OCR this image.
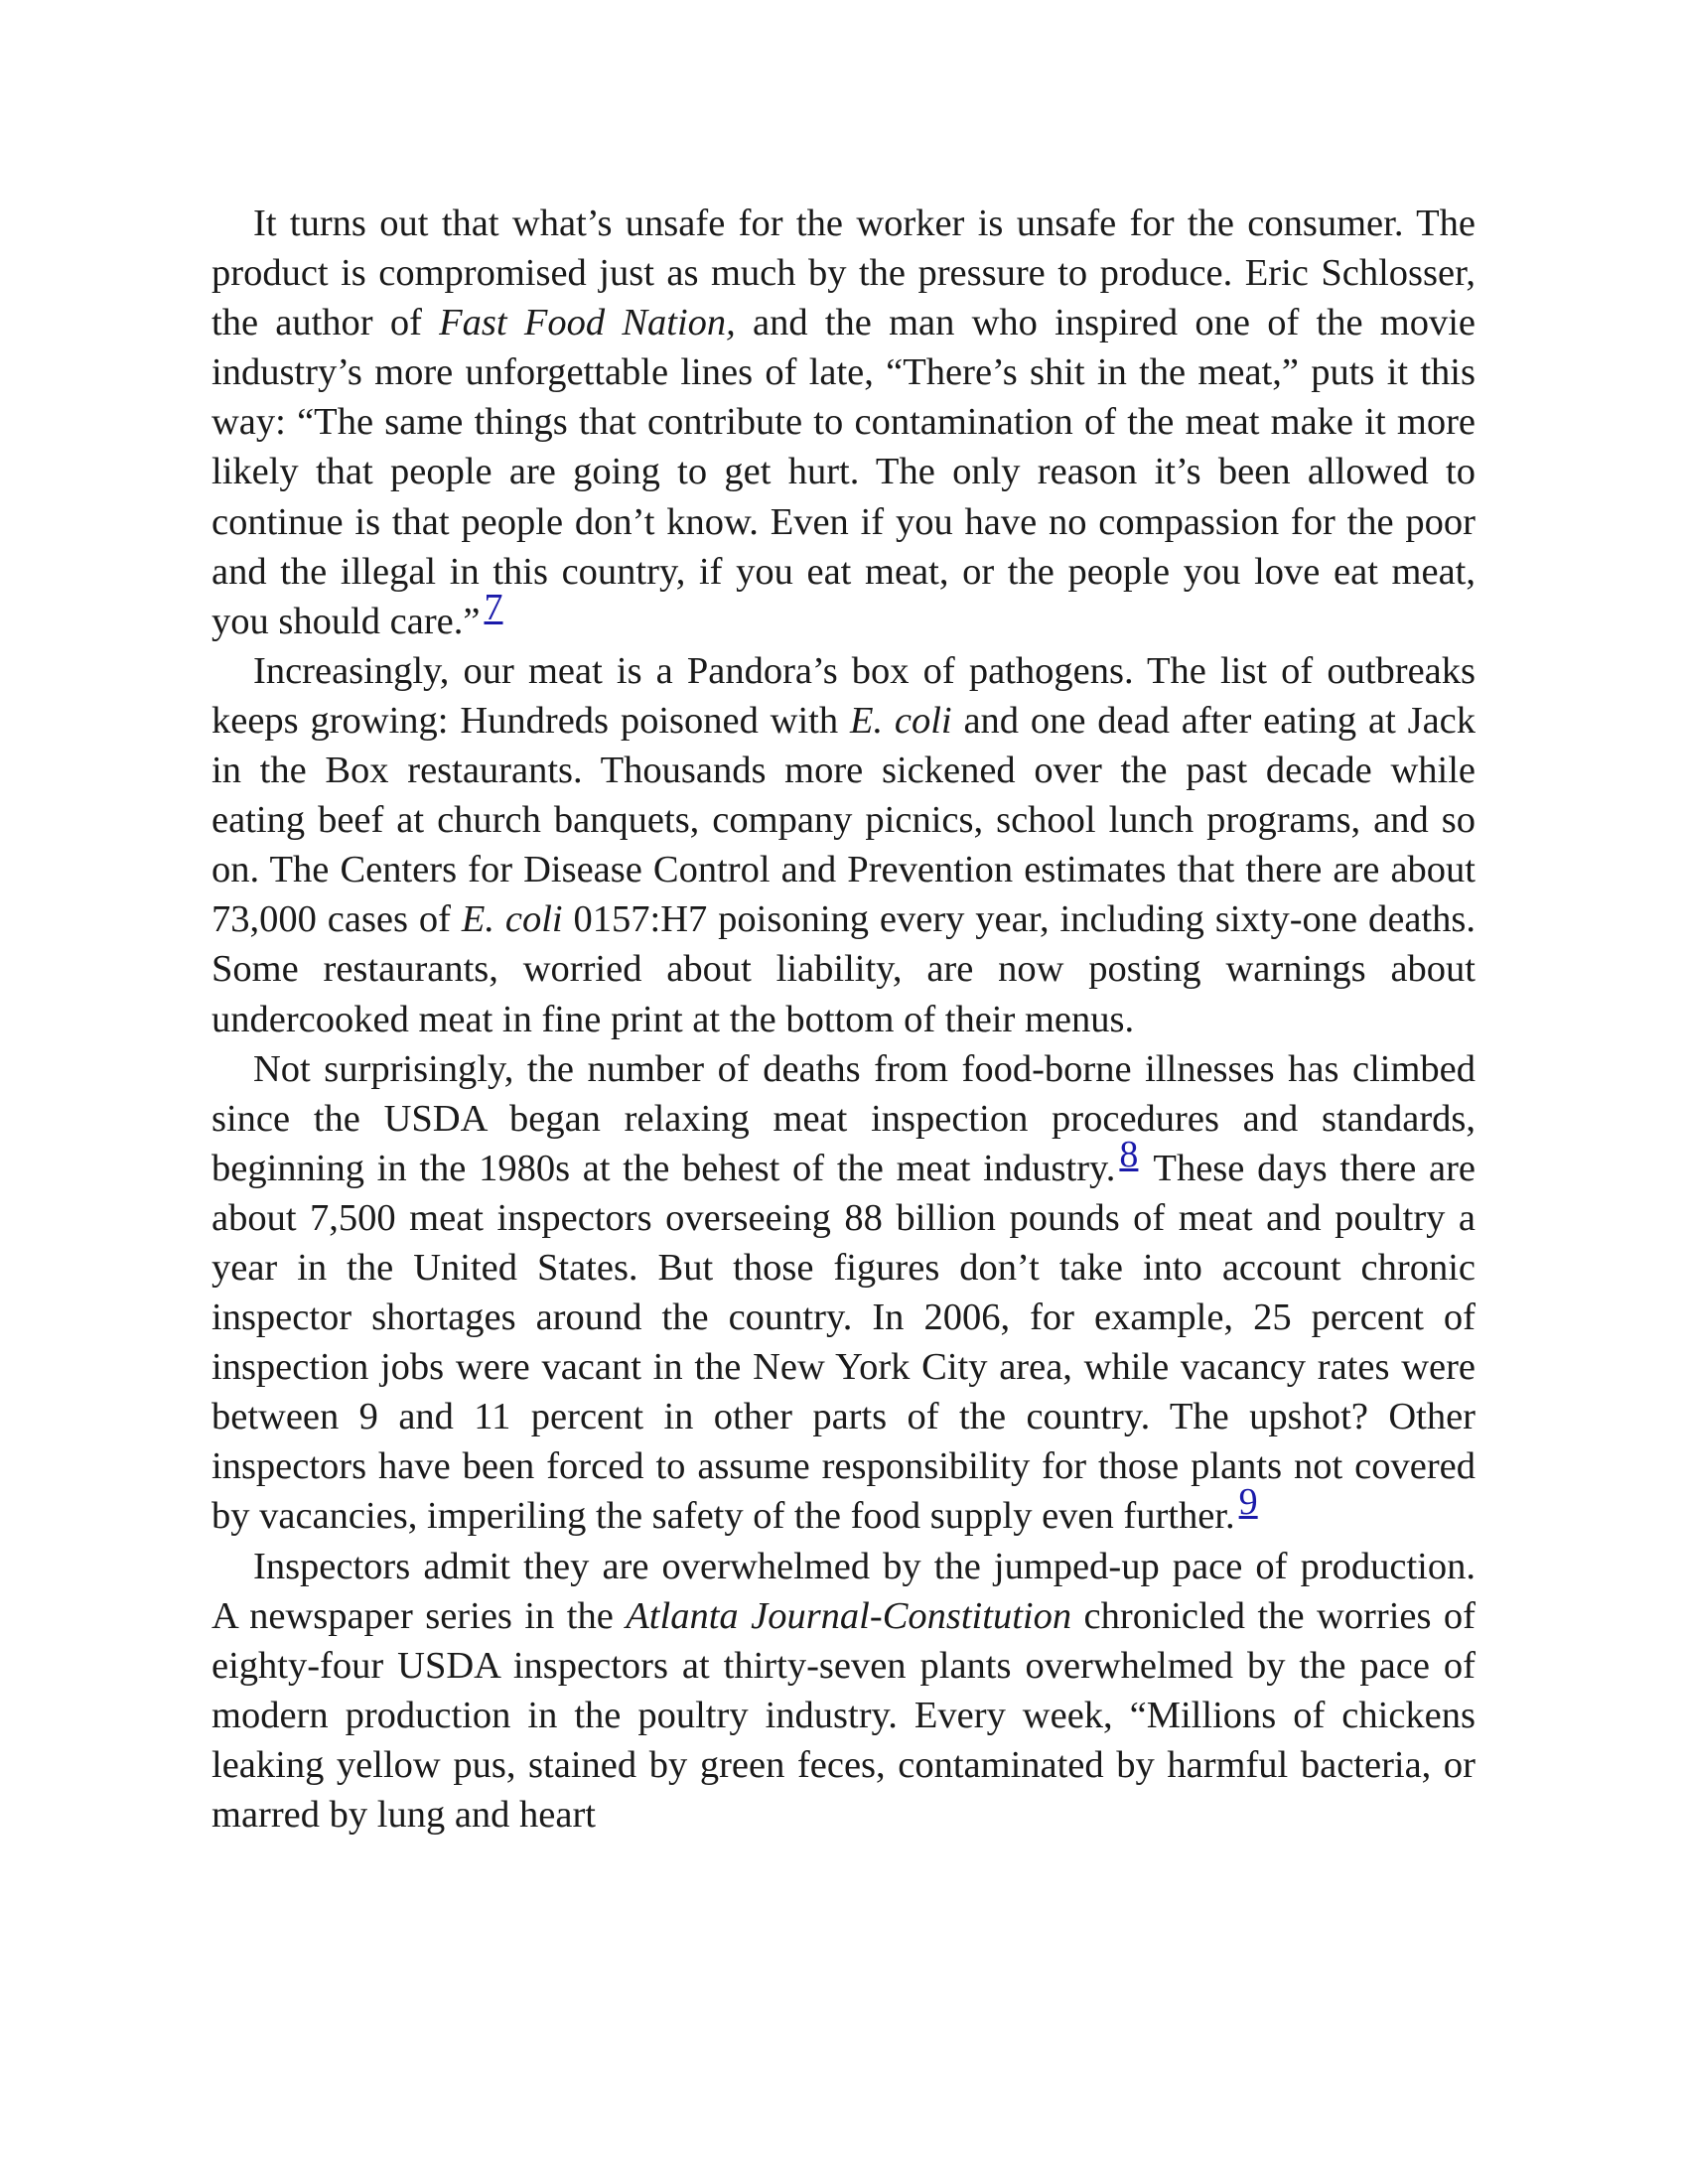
It turns out that what’s unsafe for the worker is unsafe for the consumer. The product is compromised just as much by the pressure to produce. Eric Schlosser, the author of Fast Food Nation, and the man who inspired one of the movie industry’s more unforgettable lines of late, “There’s shit in the meat,” puts it this way: “The same things that contribute to contamination of the meat make it more likely that people are going to get hurt. The only reason it’s been allowed to continue is that people don’t know. Even if you have no compassion for the poor and the illegal in this country, if you eat meat, or the people you love eat meat, you should care.” 7

Increasingly, our meat is a Pandora’s box of pathogens. The list of outbreaks keeps growing: Hundreds poisoned with E. coli and one dead after eating at Jack in the Box restaurants. Thousands more sickened over the past decade while eating beef at church banquets, company picnics, school lunch programs, and so on. The Centers for Disease Control and Prevention estimates that there are about 73,000 cases of E. coli 0157:H7 poisoning every year, including sixty-one deaths. Some restaurants, worried about liability, are now posting warnings about undercooked meat in fine print at the bottom of their menus.

Not surprisingly, the number of deaths from food-borne illnesses has climbed since the USDA began relaxing meat inspection procedures and standards, beginning in the 1980s at the behest of the meat industry. 8 These days there are about 7,500 meat inspectors overseeing 88 billion pounds of meat and poultry a year in the United States. But those figures don’t take into account chronic inspector shortages around the country. In 2006, for example, 25 percent of inspection jobs were vacant in the New York City area, while vacancy rates were between 9 and 11 percent in other parts of the country. The upshot? Other inspectors have been forced to assume responsibility for those plants not covered by vacancies, imperiling the safety of the food supply even further. 9

Inspectors admit they are overwhelmed by the jumped-up pace of production. A newspaper series in the Atlanta Journal-Constitution chronicled the worries of eighty-four USDA inspectors at thirty-seven plants overwhelmed by the pace of modern production in the poultry industry. Every week, “Millions of chickens leaking yellow pus, stained by green feces, contaminated by harmful bacteria, or marred by lung and heart
